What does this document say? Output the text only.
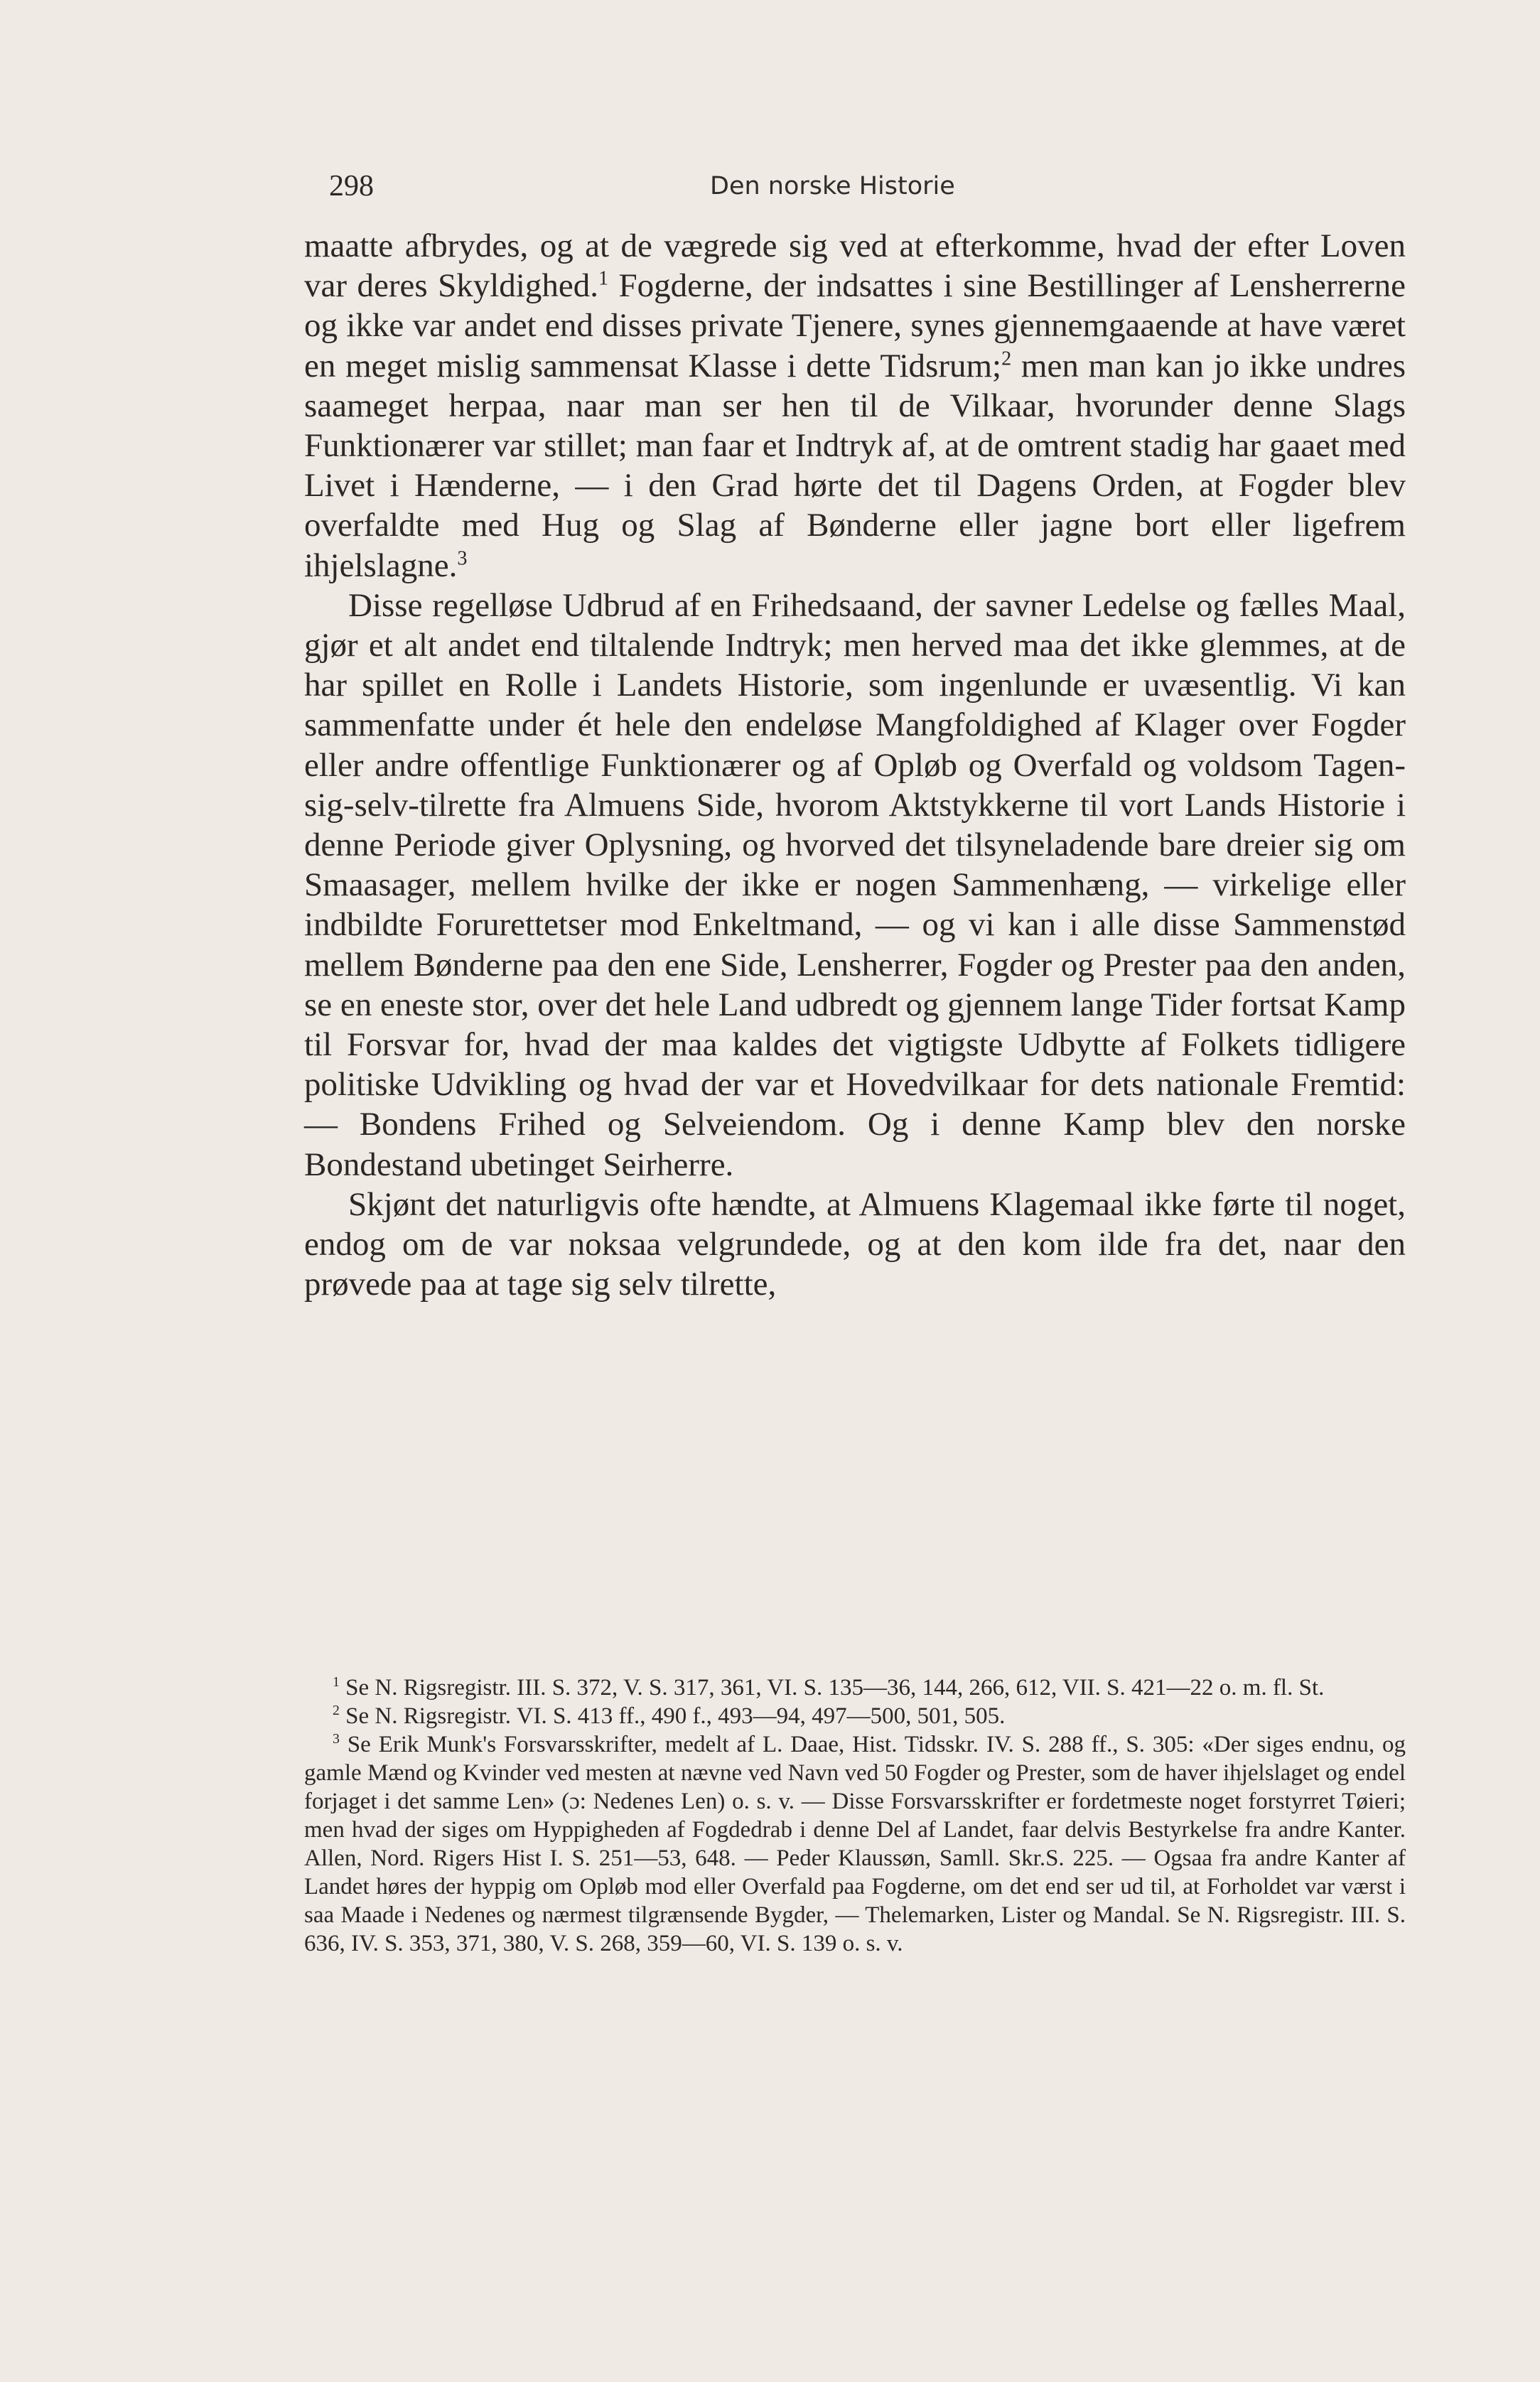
298	Den norske Historie

maatte afbrydes, og at de vægrede sig ved at efterkomme, hvad der efter Loven var deres Skyldighed.$^1$ Fogderne, der indsattes i sine Bestillinger af Lensherrerne og ikke var andet end disses private Tjenere, synes gjennemgaaende at have været en meget mislig sammensat Klasse i dette Tidsrum;$^2$ men man kan jo ikke undres saameget herpaa, naar man ser hen til de Vilkaar, hvorunder denne Slags Funktionærer var stillet; man faar et Indtryk af, at de omtrent stadig har gaaet med Livet i Hænderne, — i den Grad hørte det til Dagens Orden, at Fogder blev overfaldte med Hug og Slag af Bønderne eller jagne bort eller ligefrem ihjelslagne.$^3$

Disse regelløse Udbrud af en Frihedsaand, der savner Ledelse og fælles Maal, gjør et alt andet end tiltalende Indtryk; men herved maa det ikke glemmes, at de har spillet en Rolle i Landets Historie, som ingenlunde er uvæsentlig. Vi kan sammenfatte under ét hele den endeløse Mangfoldighed af Klager over Fogder eller andre offentlige Funktionærer og af Opløb og Overfald og voldsom Tagen-sig-selv-tilrette fra Almuens Side, hvorom Aktstykkerne til vort Lands Historie i denne Periode giver Oplysning, og hvorved det tilsyneladende bare dreier sig om Smaasager, mellem hvilke der ikke er nogen Sammenhæng, — virkelige eller indbildte Forurettetser mod Enkeltmand, — og vi kan i alle disse Sammenstød mellem Bønderne paa den ene Side, Lensherrer, Fogder og Prester paa den anden, se en eneste stor, over det hele Land udbredt og gjennem lange Tider fortsat Kamp til Forsvar for, hvad der maa kaldes det vigtigste Udbytte af Folkets tidligere politiske Udvikling og hvad der var et Hovedvilkaar for dets nationale Fremtid: — Bondens Frihed og Selveiendom. Og i denne Kamp blev den norske Bondestand ubetinget Seirherre.

Skjønt det naturligvis ofte hændte, at Almuens Klagemaal ikke førte til noget, endog om de var noksaa velgrundede, og at den kom ilde fra det, naar den prøvede paa at tage sig selv tilrette,

$^1$ Se N. Rigsregistr. III. S. 372, V. S. 317, 361, VI. S. 135—36, 144, 266, 612, VII. S. 421—22 o. m. fl. St.

$^2$ Se N. Rigsregistr. VI. S. 413 ff., 490 f., 493—94, 497—500, 501, 505.

$^3$ Se Erik Munk's Forsvarsskrifter, medelt af L. Daae, Hist. Tidsskr. IV. S. 288 ff., S. 305: «Der siges endnu, og gamle Mænd og Kvinder ved mesten at nævne ved Navn ved 50 Fogder og Prester, som de haver ihjelslaget og endel forjaget i det samme Len» (ɔ: Nedenes Len) o. s. v. — Disse Forsvarsskrifter er fordetmeste noget forstyrret Tøieri; men hvad der siges om Hyppigheden af Fogdedrab i denne Del af Landet, faar delvis Bestyrkelse fra andre Kanter. Allen, Nord. Rigers Hist I. S. 251—53, 648. — Peder Klaussøn, Samll. Skr.S. 225. — Ogsaa fra andre Kanter af Landet høres der hyppig om Opløb mod eller Overfald paa Fogderne, om det end ser ud til, at Forholdet var værst i saa Maade i Nedenes og nærmest tilgrænsende Bygder, — Thelemarken, Lister og Mandal. Se N. Rigsregistr. III. S. 636, IV. S. 353, 371, 380, V. S. 268, 359—60, VI. S. 139 o. s. v.
